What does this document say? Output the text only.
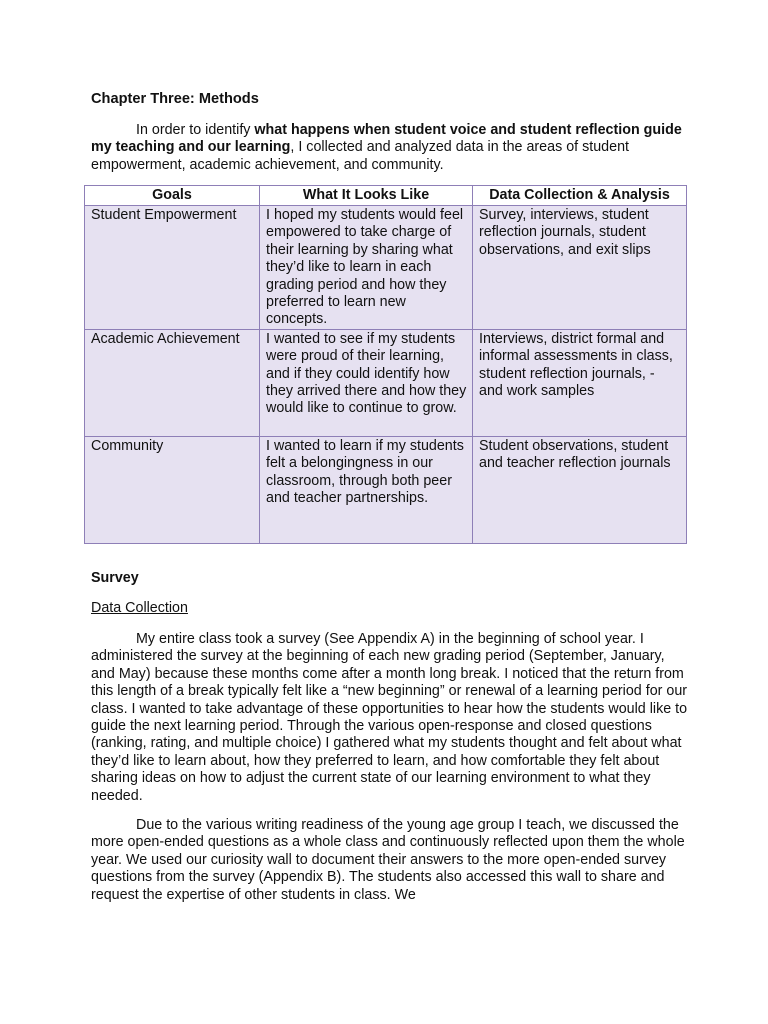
Chapter Three: Methods
In order to identify what happens when student voice and student reflection guide my teaching and our learning, I collected and analyzed data in the areas of student empowerment, academic achievement, and community.
Goals	What It Looks Like	Data Collection & Analysis
Student Empowerment	I hoped my students would feel empowered to take charge of their learning by sharing what they’d like to learn in each grading period and how they preferred to learn new concepts.	Survey, interviews, student reflection journals, student observations, and exit slips
Academic Achievement	I wanted to see if my students were proud of their learning, and if they could identify how they arrived there and how they would like to continue to grow.	Interviews, district formal and informal assessments in class, student reflection journals, - and work samples
Community	I wanted to learn if my students felt a belongingness in our classroom, through both peer and teacher partnerships.	Student observations, student and teacher reflection journals
Survey
Data Collection
My entire class took a survey (See Appendix A) in the beginning of school year. I administered the survey at the beginning of each new grading period (September, January, and May) because these months come after a month long break. I noticed that the return from this length of a break typically felt like a “new beginning” or renewal of a learning period for our class. I wanted to take advantage of these opportunities to hear how the students would like to guide the next learning period. Through the various open-response and closed questions (ranking, rating, and multiple choice) I gathered what my students thought and felt about what they’d like to learn about, how they preferred to learn, and how comfortable they felt about sharing ideas on how to adjust the current state of our learning environment to what they needed.
Due to the various writing readiness of the young age group I teach, we discussed the more open-ended questions as a whole class and continuously reflected upon them the whole year. We used our curiosity wall to document their answers to the more open-ended survey questions from the survey (Appendix B). The students also accessed this wall to share and request the expertise of other students in class. We
